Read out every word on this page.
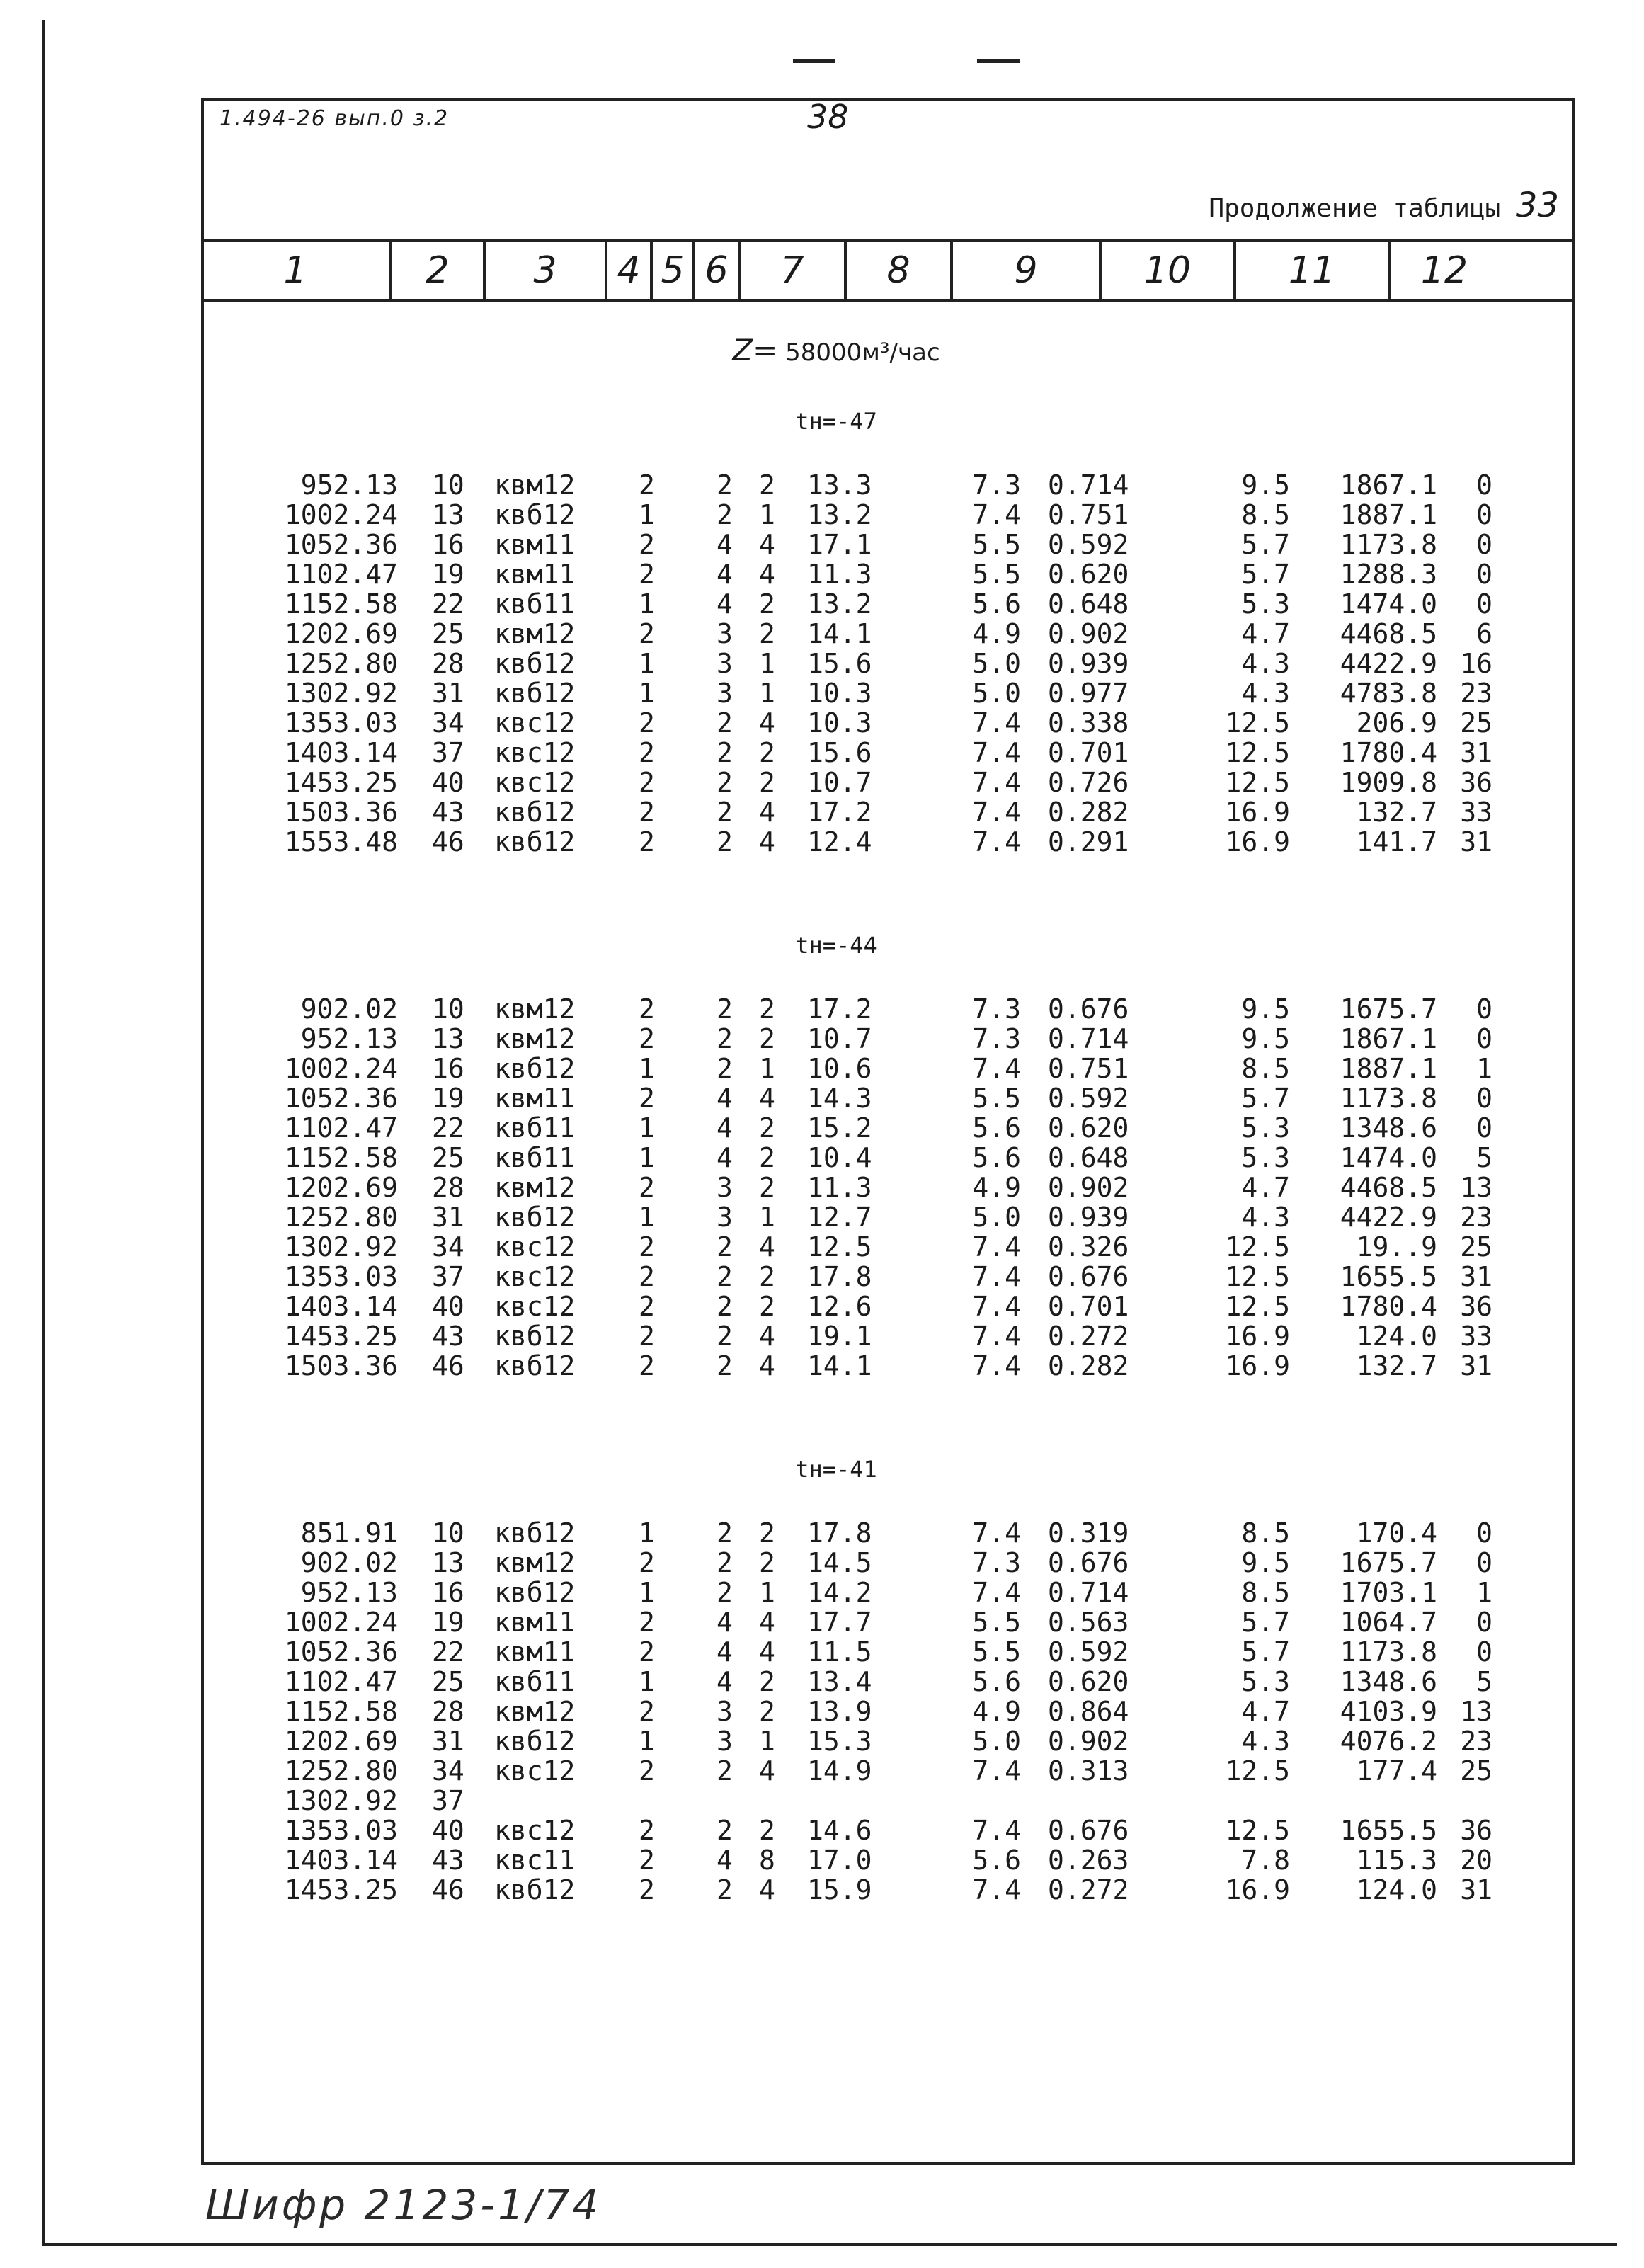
1.494-26 вып.0 з.2	38
Продолжение таблицы 33
1	2	3	4 5 6	7	8	9	10	11	12
Z= 58000м³/час
tн=-47
tн=-44
tн=-41
952.13 10 квм12 2 2 2 13.3	7.3 0.714	9.5 1867.1 0
1002.24 13 квб12 1 2 1 13.2	7.4 0.751	8.5 1887.1 0
1052.36 16 квм11 2 4 4 17.1	5.5 0.592	5.7 1173.8 0
1102.47 19 квм11 2 4 4 11.3	5.5 0.620	5.7 1288.3 0
1152.58 22 квб11 1 4 2 13.2	5.6 0.648	5.3 1474.0 0
1202.69 25 квм12 2 3 2 14.1	4.9 0.902	4.7 4468.5 6
1252.80 28 квб12 1 3 1 15.6	5.0 0.939	4.3 4422.9 16
1302.92 31 квб12 1 3 1 10.3	5.0 0.977	4.3 4783.8 23
1353.03 34 квс12 2 2 4 10.3	7.4 0.338	12.5 206.9 25
1403.14 37 квс12 2 2 2 15.6	7.4 0.701	12.5 1780.4 31
1453.25 40 квс12 2 2 2 10.7	7.4 0.726	12.5 1909.8 36
1503.36 43 квб12 2 2 4 17.2	7.4 0.282	16.9 132.7 33
1553.48 46 квб12 2 2 4 12.4	7.4 0.291	16.9 141.7 31
902.02 10 квм12 2 2 2 17.2	7.3 0.676	9.5 1675.7 0
952.13 13 квм12 2 2 2 10.7	7.3 0.714	9.5 1867.1 0
1002.24 16 квб12 1 2 1 10.6	7.4 0.751	8.5 1887.1 1
1052.36 19 квм11 2 4 4 14.3	5.5 0.592	5.7 1173.8 0
1102.47 22 квб11 1 4 2 15.2	5.6 0.620	5.3 1348.6 0
1152.58 25 квб11 1 4 2 10.4	5.6 0.648	5.3 1474.0 5
1202.69 28 квм12 2 3 2 11.3	4.9 0.902	4.7 4468.5 13
1252.80 31 квб12 1 3 1 12.7	5.0 0.939	4.3 4422.9 23
1302.92 34 квс12 2 2 4 12.5	7.4 0.326	12.5 19..9 25
1353.03 37 квс12 2 2 2 17.8	7.4 0.676	12.5 1655.5 31
1403.14 40 квс12 2 2 2 12.6	7.4 0.701	12.5 1780.4 36
1453.25 43 квб12 2 2 4 19.1	7.4 0.272	16.9 124.0 33
1503.36 46 квб12 2 2 4 14.1	7.4 0.282	16.9 132.7 31
851.91 10 квб12 1 2 2 17.8	7.4 0.319	8.5 170.4 0
902.02 13 квм12 2 2 2 14.5	7.3 0.676	9.5 1675.7 0
952.13 16 квб12 1 2 1 14.2	7.4 0.714	8.5 1703.1 1
1002.24 19 квм11 2 4 4 17.7	5.5 0.563	5.7 1064.7 0
1052.36 22 квм11 2 4 4 11.5	5.5 0.592	5.7 1173.8 0
1102.47 25 квб11 1 4 2 13.4	5.6 0.620	5.3 1348.6 5
1152.58 28 квм12 2 3 2 13.9	4.9 0.864	4.7 4103.9 13
1202.69 31 квб12 1 3 1 15.3	5.0 0.902	4.3 4076.2 23
1252.80 34 квс12 2 2 4 14.9	7.4 0.313	12.5 177.4 25
1302.92 37
1353.03 40 квс12 2 2 2 14.6	7.4 0.676	12.5 1655.5 36
1403.14 43 квс11 2 4 8 17.0	5.6 0.263	7.8 115.3 20
1453.25 46 квб12 2 2 4 15.9	7.4 0.272	16.9 124.0 31
Шифр 2123-1/74
